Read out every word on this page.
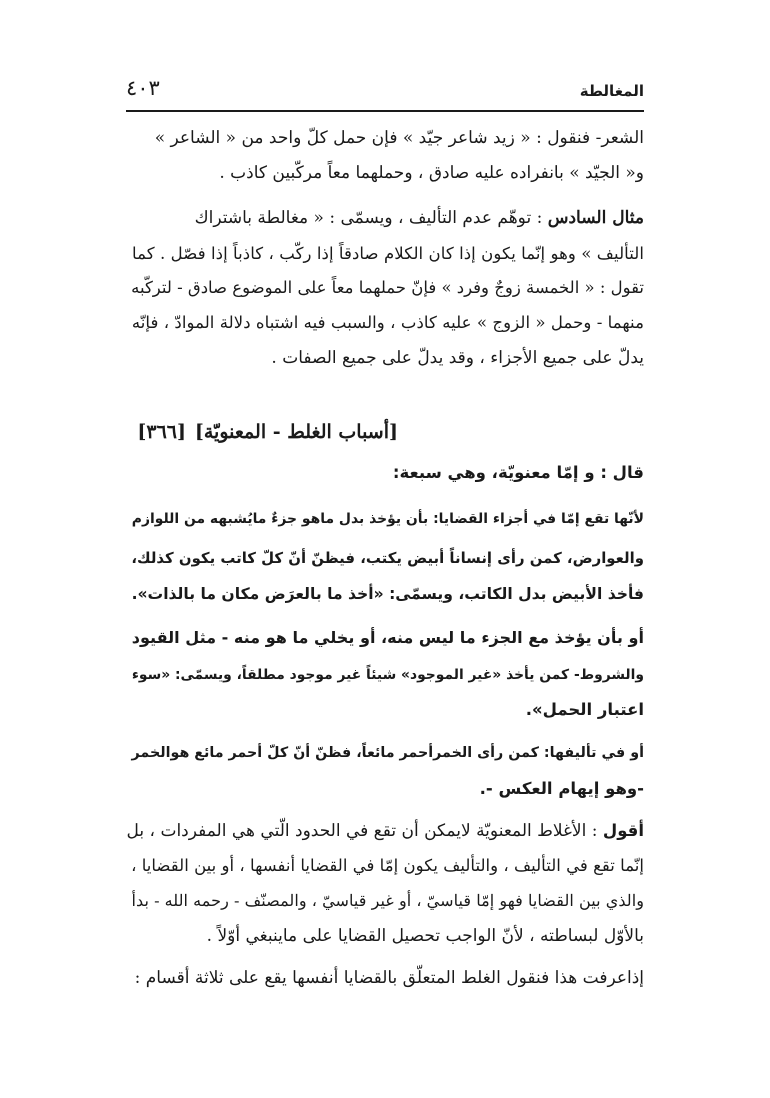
المغالطة
٤٠٣
الشعر- فنقول : « زيد شاعر جيّد » فإن حمل كلّ واحد من « الشاعر »
و« الجيّد » بانفراده عليه صادق ، وحملهما معاً مركّبين كاذب .
مثال السادس : توهّم عدم التأليف ، ويسمّى : « مغالطة باشتراك
التأليف » وهو إنّما يكون إذا كان الكلام صادقاً إذا ركّب ، كاذباً إذا فصّل . كما
تقول : « الخمسة زوجٌ وفرد » فإنّ حملهما معاً على الموضوع صادق - لتركّبه
منهما - وحمل « الزوج » عليه كاذب ، والسبب فيه اشتباه دلالة الموادّ ، فإنّه
يدلّ على جميع الأجزاء ، وقد يدلّ على جميع الصفات .
[أسباب الغلط - المعنويّة]
[٣٦٦]
قال : و إمّا معنويّة، وهي سبعة:
لأنّها تقع إمّا في أجزاء القضايا: بأن يؤخذ بدل ماهو جزءٌ مايُشبهه من اللوازم
والعوارض، كمن رأى إنساناً أبيض يكتب، فيظنّ أنّ كلّ كاتب يكون كذلك،
فأخذ الأبيض بدل الكاتب، ويسمّى: «أخذ ما بالعرَض مكان ما بالذات».
أو بأن يؤخذ مع الجزء ما ليس منه، أو يخلي ما هو منه - مثل القيود
والشروط- كمن يأخذ «غير الموجود» شيئاً غير موجود مطلقاً، ويسمّى: «سوء
اعتبار الحمل».
أو في تأليفها: كمن رأى الخمرأحمر مائعاً، فظنّ أنّ كلّ أحمر مائع هوالخمر
-وهو إيهام العكس -.
أقول : الأغلاط المعنويّة لايمكن أن تقع في الحدود الّتي هي المفردات ، بل
إنّما تقع في التأليف ، والتأليف يكون إمّا في القضايا أنفسها ، أو بين القضايا ،
والذي بين القضايا فهو إمّا قياسيّ ، أو غير قياسيّ ، والمصنّف - رحمه الله - بدأ
بالأوّل لبساطته ، لأنّ الواجب تحصيل القضايا على ماينبغي أوّلاً .
إذاعرفت هذا فنقول الغلط المتعلّق بالقضايا أنفسها يقع على ثلاثة أقسام :
